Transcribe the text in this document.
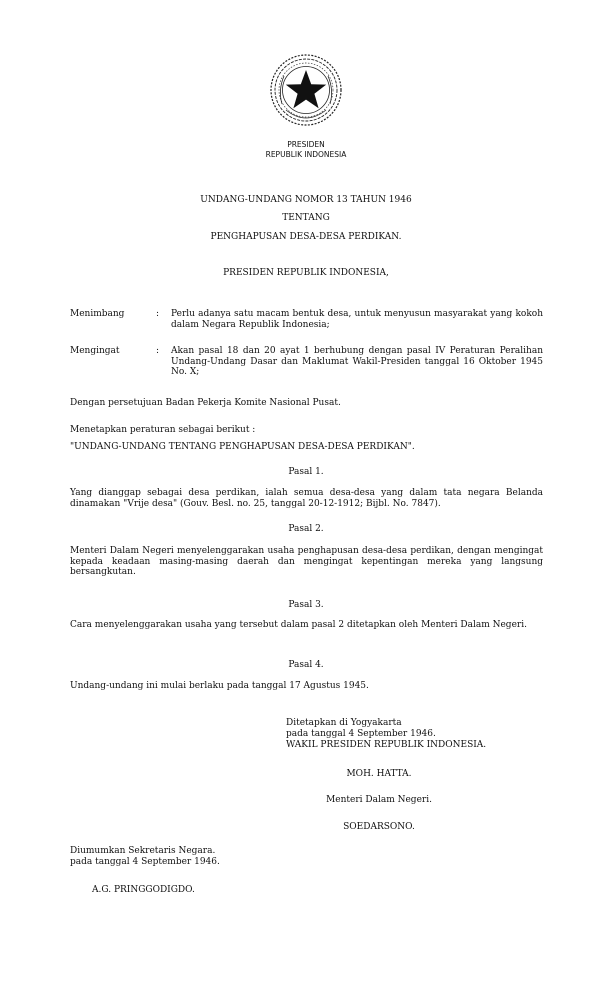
PRESIDEN
REPUBLIK INDONESIA
UNDANG-UNDANG NOMOR 13 TAHUN 1946
TENTANG
PENGHAPUSAN DESA-DESA PERDIKAN.
PRESIDEN REPUBLIK INDONESIA,
Menimbang	: Perlu adanya satu macam bentuk desa, untuk menyusun masyarakat yang kokoh dalam Negara Republik Indonesia;
Mengingat	: Akan pasal 18 dan 20 ayat 1 berhubung dengan pasal IV Peraturan Peralihan Undang-Undang Dasar dan Maklumat Wakil-Presiden tanggal 16 Oktober 1945 No. X;
Dengan persetujuan Badan Pekerja Komite Nasional Pusat.
Menetapkan peraturan sebagai berikut :
"UNDANG-UNDANG TENTANG PENGHAPUSAN DESA-DESA PERDIKAN".
Pasal 1.
Yang dianggap sebagai desa perdikan, ialah semua desa-desa yang dalam tata negara Belanda dinamakan "Vrije desa" (Gouv. Besl. no. 25, tanggal 20-12-1912; Bijbl. No. 7847).
Pasal 2.
Menteri Dalam Negeri menyelenggarakan usaha penghapusan desa-desa perdikan, dengan mengingat kepada keadaan masing-masing daerah dan mengingat kepentingan mereka yang langsung bersangkutan.
Pasal 3.
Cara menyelenggarakan usaha yang tersebut dalam pasal 2 ditetapkan oleh Menteri Dalam Negeri.
Pasal 4.
Undang-undang ini mulai berlaku pada tanggal 17 Agustus 1945.
Ditetapkan di Yogyakarta
pada tanggal 4 September 1946.
WAKIL PRESIDEN REPUBLIK INDONESIA.
MOH. HATTA.
Menteri Dalam Negeri.
SOEDARSONO.
Diumumkan Sekretaris Negara.
pada tanggal 4 September 1946.
A.G. PRINGGODIGDO.
